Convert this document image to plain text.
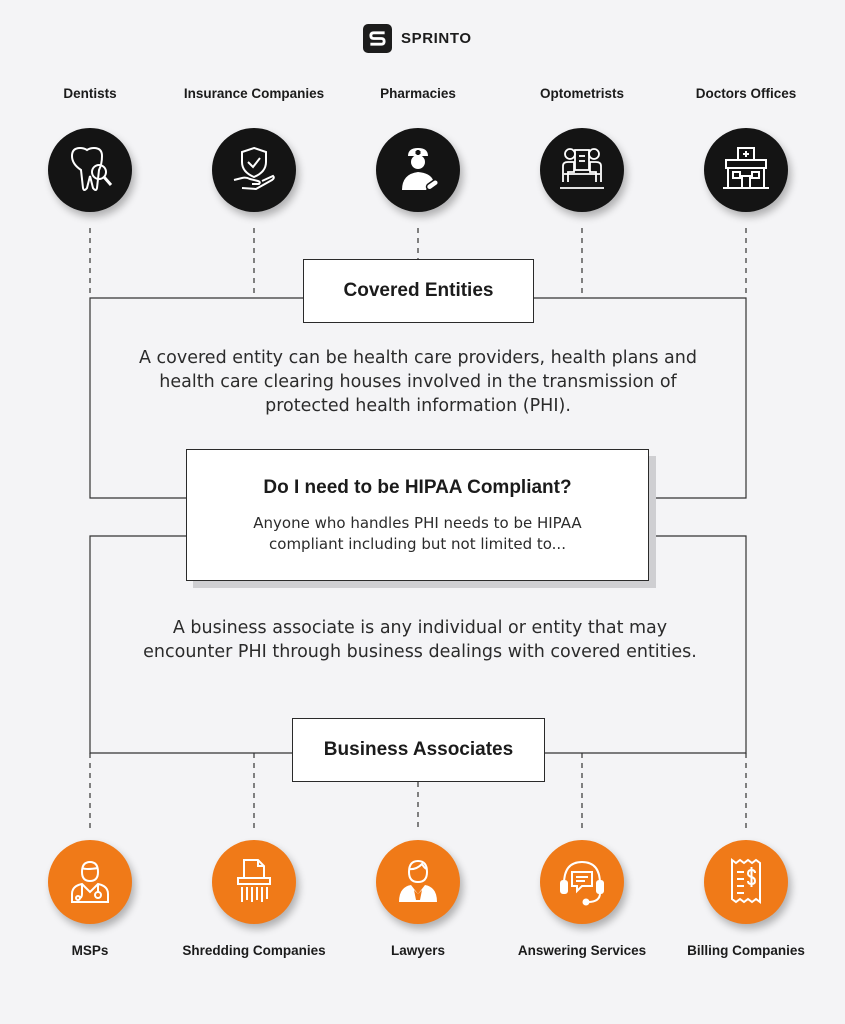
SPRINTO
Dentists	Insurance Companies	Pharmacies	Optometrists	Doctors Offices
Covered Entities
A covered entity can be health care providers, health plans and health care clearing houses involved in the transmission of protected health information (PHI).
Do I need to be HIPAA Compliant?
Anyone who handles PHI needs to be HIPAA compliant including but not limited to...
A business associate is any individual or entity that may encounter PHI through business dealings with covered entities.
Business Associates
MSPs	Shredding Companies	Lawyers	Answering Services	Billing Companies
